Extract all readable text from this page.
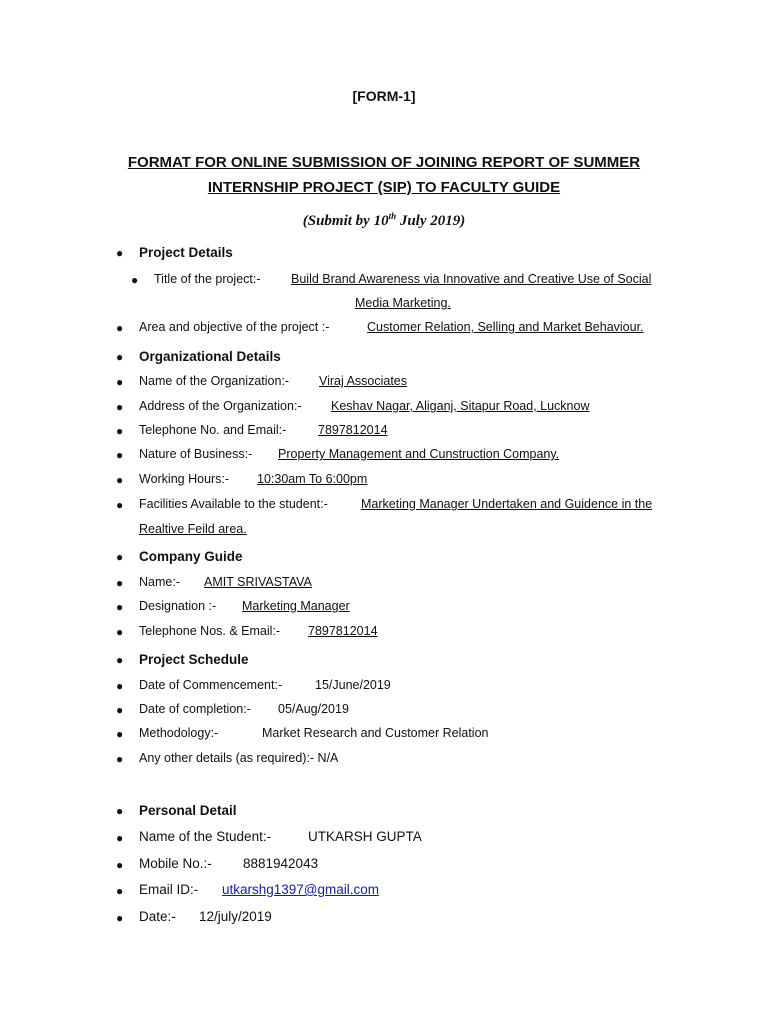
[FORM-1]
FORMAT FOR ONLINE SUBMISSION OF JOINING REPORT OF SUMMER
INTERNSHIP PROJECT (SIP) TO FACULTY GUIDE
(Submit by 10th July 2019)
● Project Details
● Title of the project:- Build Brand Awareness via Innovative and Creative Use of Social
Media Marketing.
● Area and objective of the project :-	Customer Relation, Selling and Market Behaviour.
● Organizational Details
● Name of the Organization:- Viraj Associates
● Address of the Organization:- Keshav Nagar, Aliganj, Sitapur Road, Lucknow
● Telephone No. and Email:-	7897812014
● Nature of Business:- Property Management and Cunstruction Company.
● Working Hours:- 10:30am To 6:00pm
● Facilities Available to the student:-	Marketing Manager Undertaken and Guidence in the
Realtive Feild area.
● Company Guide
● Name:- AMIT SRIVASTAVA
● Designation :- Marketing Manager
● Telephone Nos. & Email:- 7897812014
● Project Schedule
● Date of Commencement:-	15/June/2019
● Date of completion:- 05/Aug/2019
● Methodology:-	Market Research and Customer Relation
● Any other details (as required):- N/A
● Personal Detail
● Name of the Student:-	UTKARSH GUPTA
● Mobile No.:- 8881942043
● Email ID:- utkarshg1397@gmail.com
● Date:- 12/july/2019
